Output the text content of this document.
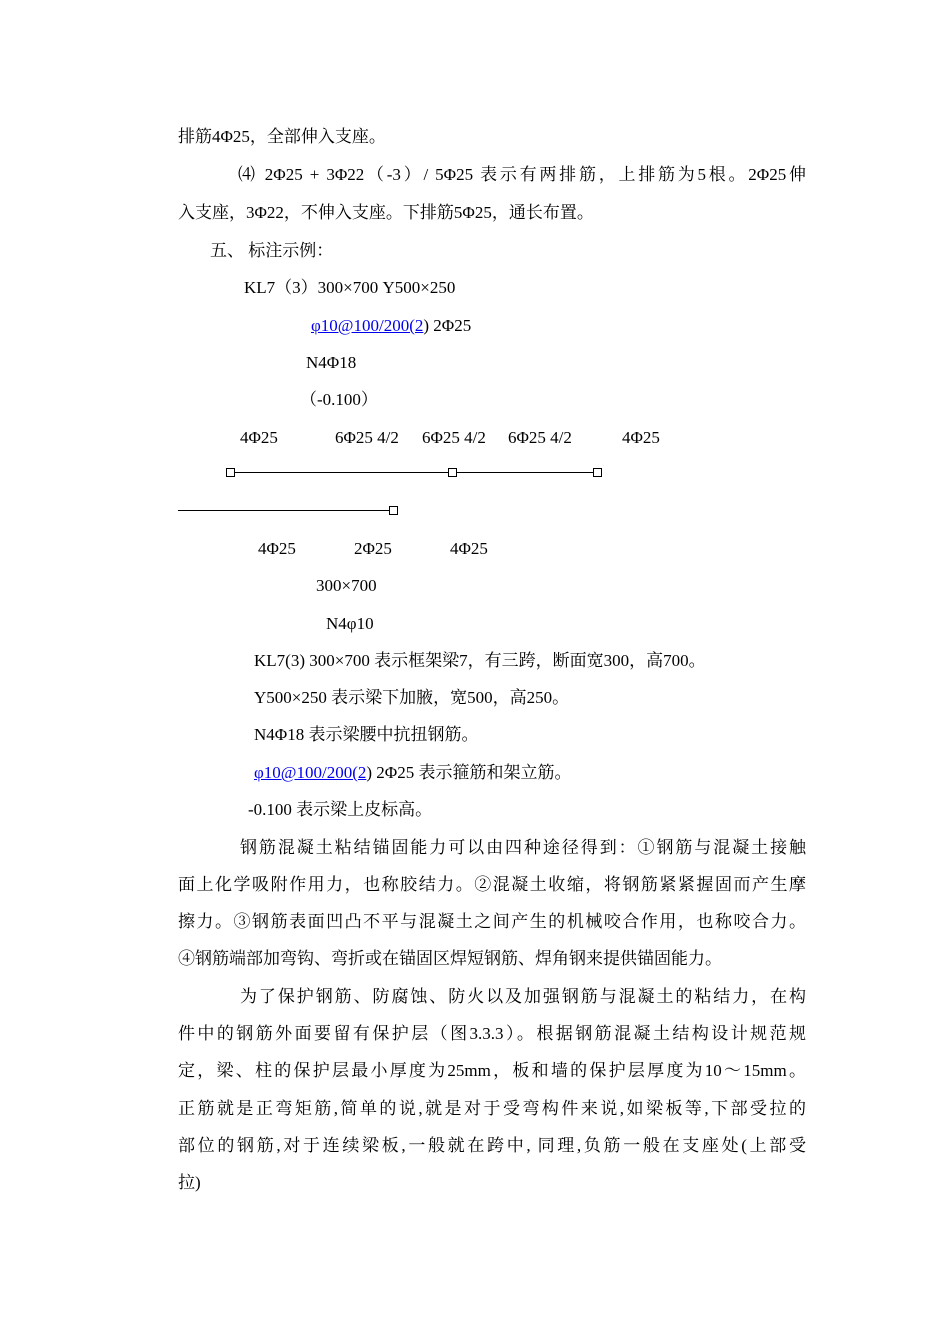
排筋4Φ25，全部伸入支座。
⑷ 2Φ25 + 3Φ22（-3）/ 5Φ25 表示有两排筋，上排筋为5根。2Φ25伸
入支座，3Φ22，不伸入支座。下排筋5Φ25，通长布置。
五、 标注示例：
KL7（3）300×700 Y500×250
φ10@100/200(2) 2Φ25
N4Φ18
（-0.100）
4Φ25	6Φ25 4/2 6Φ25 4/2 6Φ25 4/2	4Φ25
4Φ25	2Φ25	4Φ25
300×700
N4φ10
KL7(3) 300×700 表示框架梁7，有三跨，断面宽300，高700。
Y500×250 表示梁下加腋，宽500，高250。
N4Φ18 表示梁腰中抗扭钢筋。
φ10@100/200(2) 2Φ25 表示箍筋和架立筋。
-0.100 表示梁上皮标高。
钢筋混凝土粘结锚固能力可以由四种途径得到：①钢筋与混凝土接触
面上化学吸附作用力，也称胶结力。②混凝土收缩，将钢筋紧紧握固而产生摩
擦力。③钢筋表面凹凸不平与混凝土之间产生的机械咬合作用，也称咬合力。
④钢筋端部加弯钩、弯折或在锚固区焊短钢筋、焊角钢来提供锚固能力。
为了保护钢筋、防腐蚀、防火以及加强钢筋与混凝土的粘结力，在构
件中的钢筋外面要留有保护层（图3.3.3）。根据钢筋混凝土结构设计规范规
定，梁、柱的保护层最小厚度为25mm，板和墙的保护层厚度为10～15mm。
正筋就是正弯矩筋,简单的说,就是对于受弯构件来说,如梁板等,下部受拉的
部位的钢筋,对于连续梁板,一般就在跨中, 同理,负筋一般在支座处(上部受
拉)
